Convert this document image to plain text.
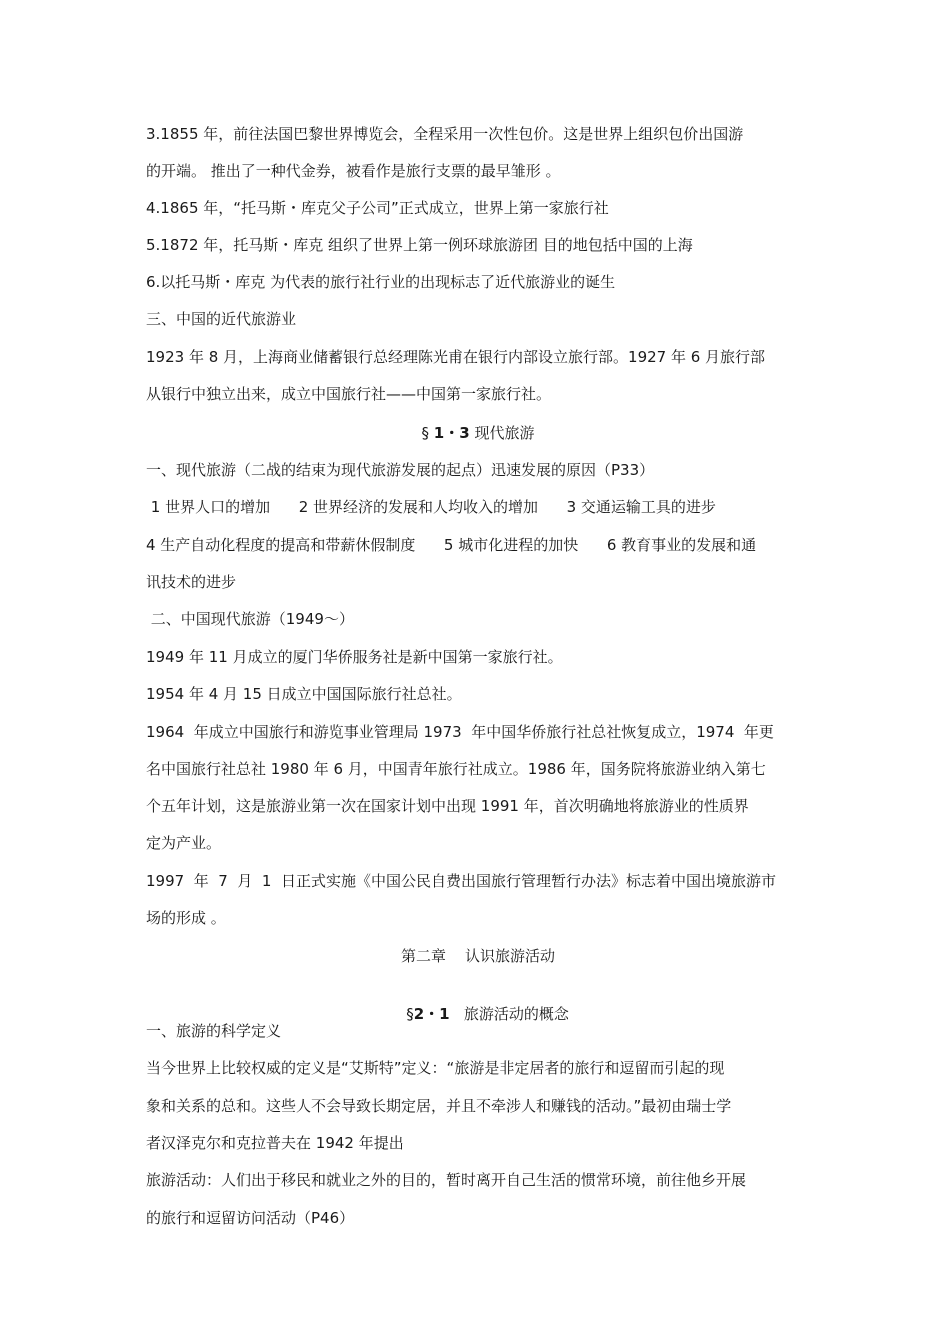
3.1855 年，前往法国巴黎世界博览会，全程采用一次性包价。这是世界上组织包价出国游
的开端。 推出了一种代金券，被看作是旅行支票的最早雏形 。
4.1865 年，“托马斯・库克父子公司”正式成立，世界上第一家旅行社
5.1872 年，托马斯・库克 组织了世界上第一例环球旅游团 目的地包括中国的上海
6.以托马斯・库克 为代表的旅行社行业的出现标志了近代旅游业的诞生
三、中国的近代旅游业
1923 年 8 月，上海商业储蓄银行总经理陈光甫在银行内部设立旅行部。1927 年 6 月旅行部
从银行中独立出来，成立中国旅行社——中国第一家旅行社。
§ 1・3 现代旅游
一、现代旅游（二战的结束为现代旅游发展的起点）迅速发展的原因（P33）
1 世界人口的增加      2 世界经济的发展和人均收入的增加      3 交通运输工具的进步
4 生产自动化程度的提高和带薪休假制度      5 城市化进程的加快      6 教育事业的发展和通
讯技术的进步
二、中国现代旅游（1949～）
1949 年 11 月成立的厦门华侨服务社是新中国第一家旅行社。
1954 年 4 月 15 日成立中国国际旅行社总社。
1964  年成立中国旅行和游览事业管理局 1973  年中国华侨旅行社总社恢复成立，1974  年更
名中国旅行社总社 1980 年 6 月，中国青年旅行社成立。1986 年，国务院将旅游业纳入第七
个五年计划，这是旅游业第一次在国家计划中出现 1991 年，首次明确地将旅游业的性质界
定为产业。
1997  年  7  月  1  日正式实施《中国公民自费出国旅行管理暂行办法》标志着中国出境旅游市
场的形成 。
第二章    认识旅游活动

§2・1   旅游活动的概念

一、旅游的科学定义
当今世界上比较权威的定义是“艾斯特”定义：“旅游是非定居者的旅行和逗留而引起的现
象和关系的总和。这些人不会导致长期定居，并且不牵涉人和赚钱的活动。”最初由瑞士学
者汉泽克尔和克拉普夫在 1942 年提出
旅游活动：人们出于移民和就业之外的目的，暂时离开自己生活的惯常环境，前往他乡开展
的旅行和逗留访问活动（P46）
